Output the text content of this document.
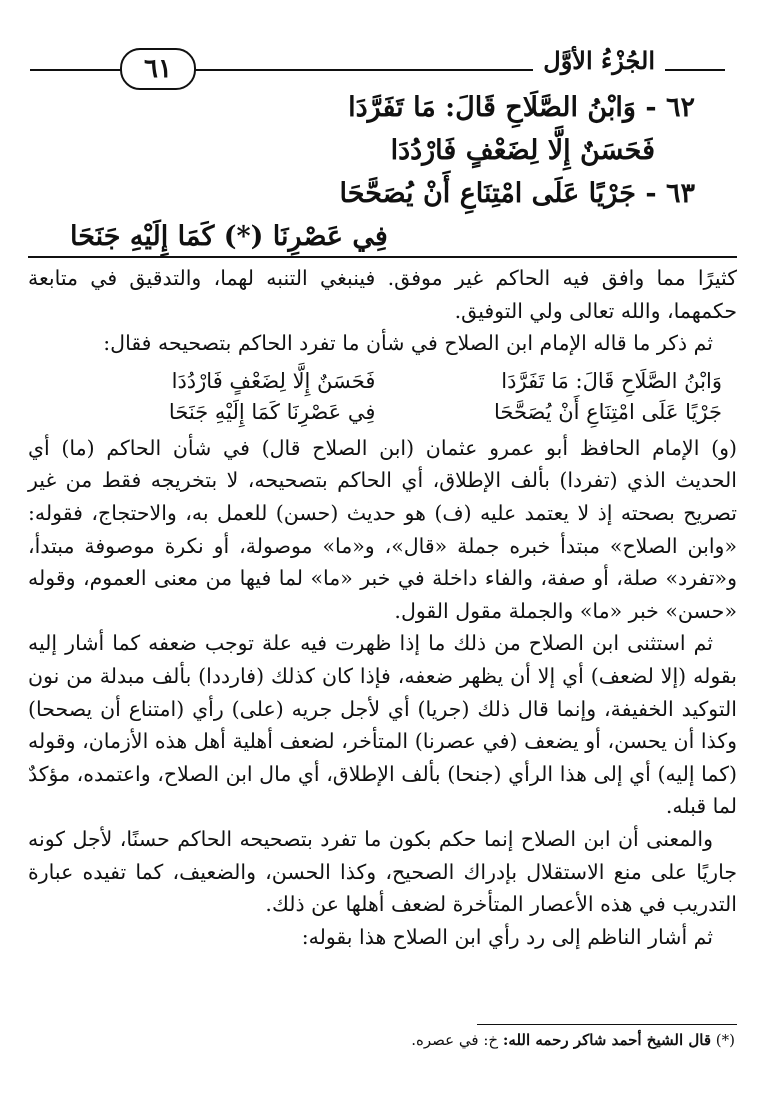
الجُزْءُ الأوَّل
٦١
٦٢ - وَابْنُ الصَّلَاحِ قَالَ: مَا تَفَرَّدَا
فَحَسَنٌ إِلَّا لِضَعْفٍ فَارْدُدَا
٦٣ - جَرْيًا عَلَى امْتِنَاعِ أَنْ يُصَحَّحَا
فِي عَصْرِنَا (*) كَمَا إِلَيْهِ جَنَحَا

كثيرًا مما وافق فيه الحاكم غير موفق. فينبغي التنبه لهما، والتدقيق في متابعة حكمهما، والله تعالى ولي التوفيق.

ثم ذكر ما قاله الإمام ابن الصلاح في شأن ما تفرد الحاكم بتصحيحه فقال:

وَابْنُ الصَّلَاحِ قَالَ: مَا تَفَرَّدَا
فَحَسَنٌ إِلَّا لِضَعْفٍ فَارْدُدَا
جَرْيًا عَلَى امْتِنَاعِ أَنْ يُصَحَّحَا
فِي عَصْرِنَا كَمَا إِلَيْهِ جَنَحَا

(و) الإمام الحافظ أبو عمرو عثمان (ابن الصلاح قال) في شأن الحاكم (ما) أي الحديث الذي (تفردا) بألف الإطلاق، أي الحاكم بتصحيحه، لا بتخريجه فقط من غير تصريح بصحته إذ لا يعتمد عليه (ف) هو حديث (حسن) للعمل به، والاحتجاج، فقوله: «وابن الصلاح» مبتدأ خبره جملة «قال»، و«ما» موصولة، أو نكرة موصوفة مبتدأ، و«تفرد» صلة، أو صفة، والفاء داخلة في خبر «ما» لما فيها من معنى العموم، وقوله «حسن» خبر «ما» والجملة مقول القول.

ثم استثنى ابن الصلاح من ذلك ما إذا ظهرت فيه علة توجب ضعفه كما أشار إليه بقوله (إلا لضعف) أي إلا أن يظهر ضعفه، فإذا كان كذلك (فارددا) بألف مبدلة من نون التوكيد الخفيفة، وإنما قال ذلك (جريا) أي لأجل جريه (على) رأي (امتناع أن يصححا) وكذا أن يحسن، أو يضعف (في عصرنا) المتأخر، لضعف أهلية أهل هذه الأزمان، وقوله (كما إليه) أي إلى هذا الرأي (جنحا) بألف الإطلاق، أي مال ابن الصلاح، واعتمده، مؤكدٌ لما قبله.

والمعنى أن ابن الصلاح إنما حكم بكون ما تفرد بتصحيحه الحاكم حسنًا، لأجل كونه جاريًا على منع الاستقلال بإدراك الصحيح، وكذا الحسن، والضعيف، كما تفيده عبارة التدريب في هذه الأعصار المتأخرة لضعف أهلها عن ذلك.

ثم أشار الناظم إلى رد رأي ابن الصلاح هذا بقوله:

(*) قال الشيخ أحمد شاكر رحمه الله: خ: في عصره.
